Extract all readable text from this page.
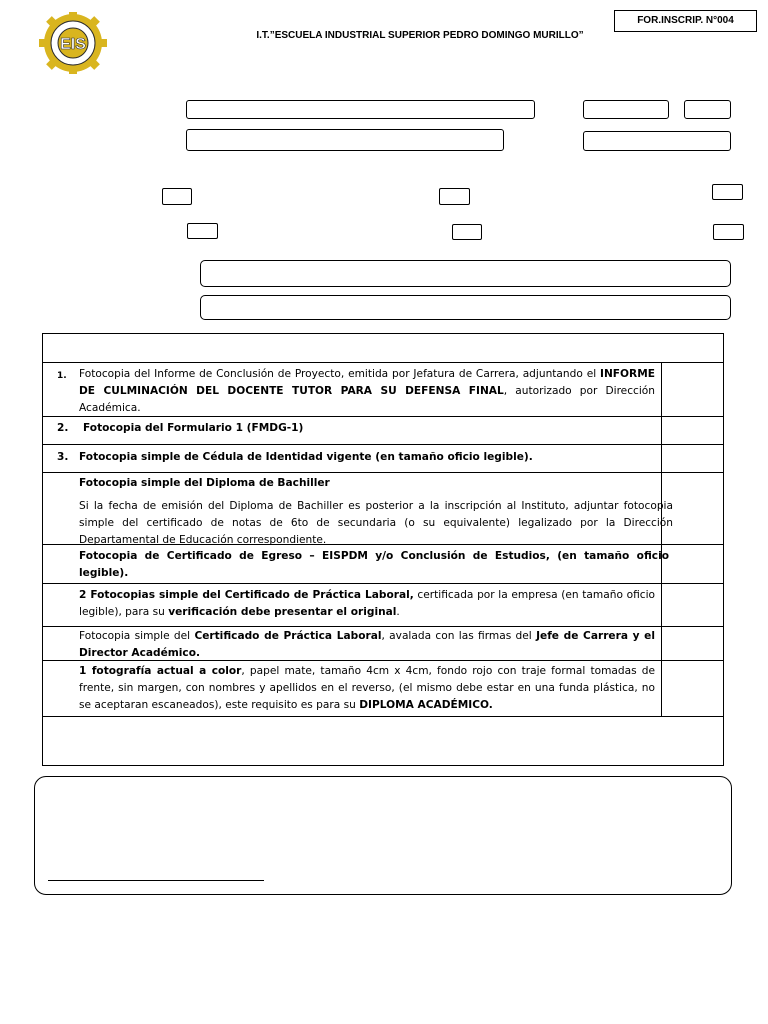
EIS
I.T.”ESCUELA INDUSTRIAL SUPERIOR PEDRO DOMINGO MURILLO”
FOR.INSCRIP. N°004
1. Fotocopia del Informe de Conclusión de Proyecto, emitida por Jefatura de Carrera, adjuntando el INFORME DE CULMINACIÓN DEL DOCENTE TUTOR PARA SU DEFENSA FINAL, autorizado por Dirección Académica.
2. Fotocopia del Formulario 1 (FMDG-1)
3. Fotocopia simple de Cédula de Identidad vigente (en tamaño oficio legible).
Fotocopia simple del Diploma de Bachiller
Si la fecha de emisión del Diploma de Bachiller es posterior a la inscripción al Instituto, adjuntar fotocopia simple del certificado de notas de 6to de secundaria (o su equivalente) legalizado por la Dirección Departamental de Educación correspondiente.
Fotocopia de Certificado de Egreso – EISPDM y/o Conclusión de Estudios, (en tamaño oficio legible).
2 Fotocopias simple del Certificado de Práctica Laboral, certificada por la empresa (en tamaño oficio legible), para su verificación debe presentar el original.
Fotocopia simple del Certificado de Práctica Laboral, avalada con las firmas del Jefe de Carrera y el Director Académico.
1 fotografía actual a color, papel mate, tamaño 4cm x 4cm, fondo rojo con traje formal tomadas de frente, sin margen, con nombres y apellidos en el reverso, (el mismo debe estar en una funda plástica, no se aceptaran escaneados), este requisito es para su DIPLOMA ACADÉMICO.
